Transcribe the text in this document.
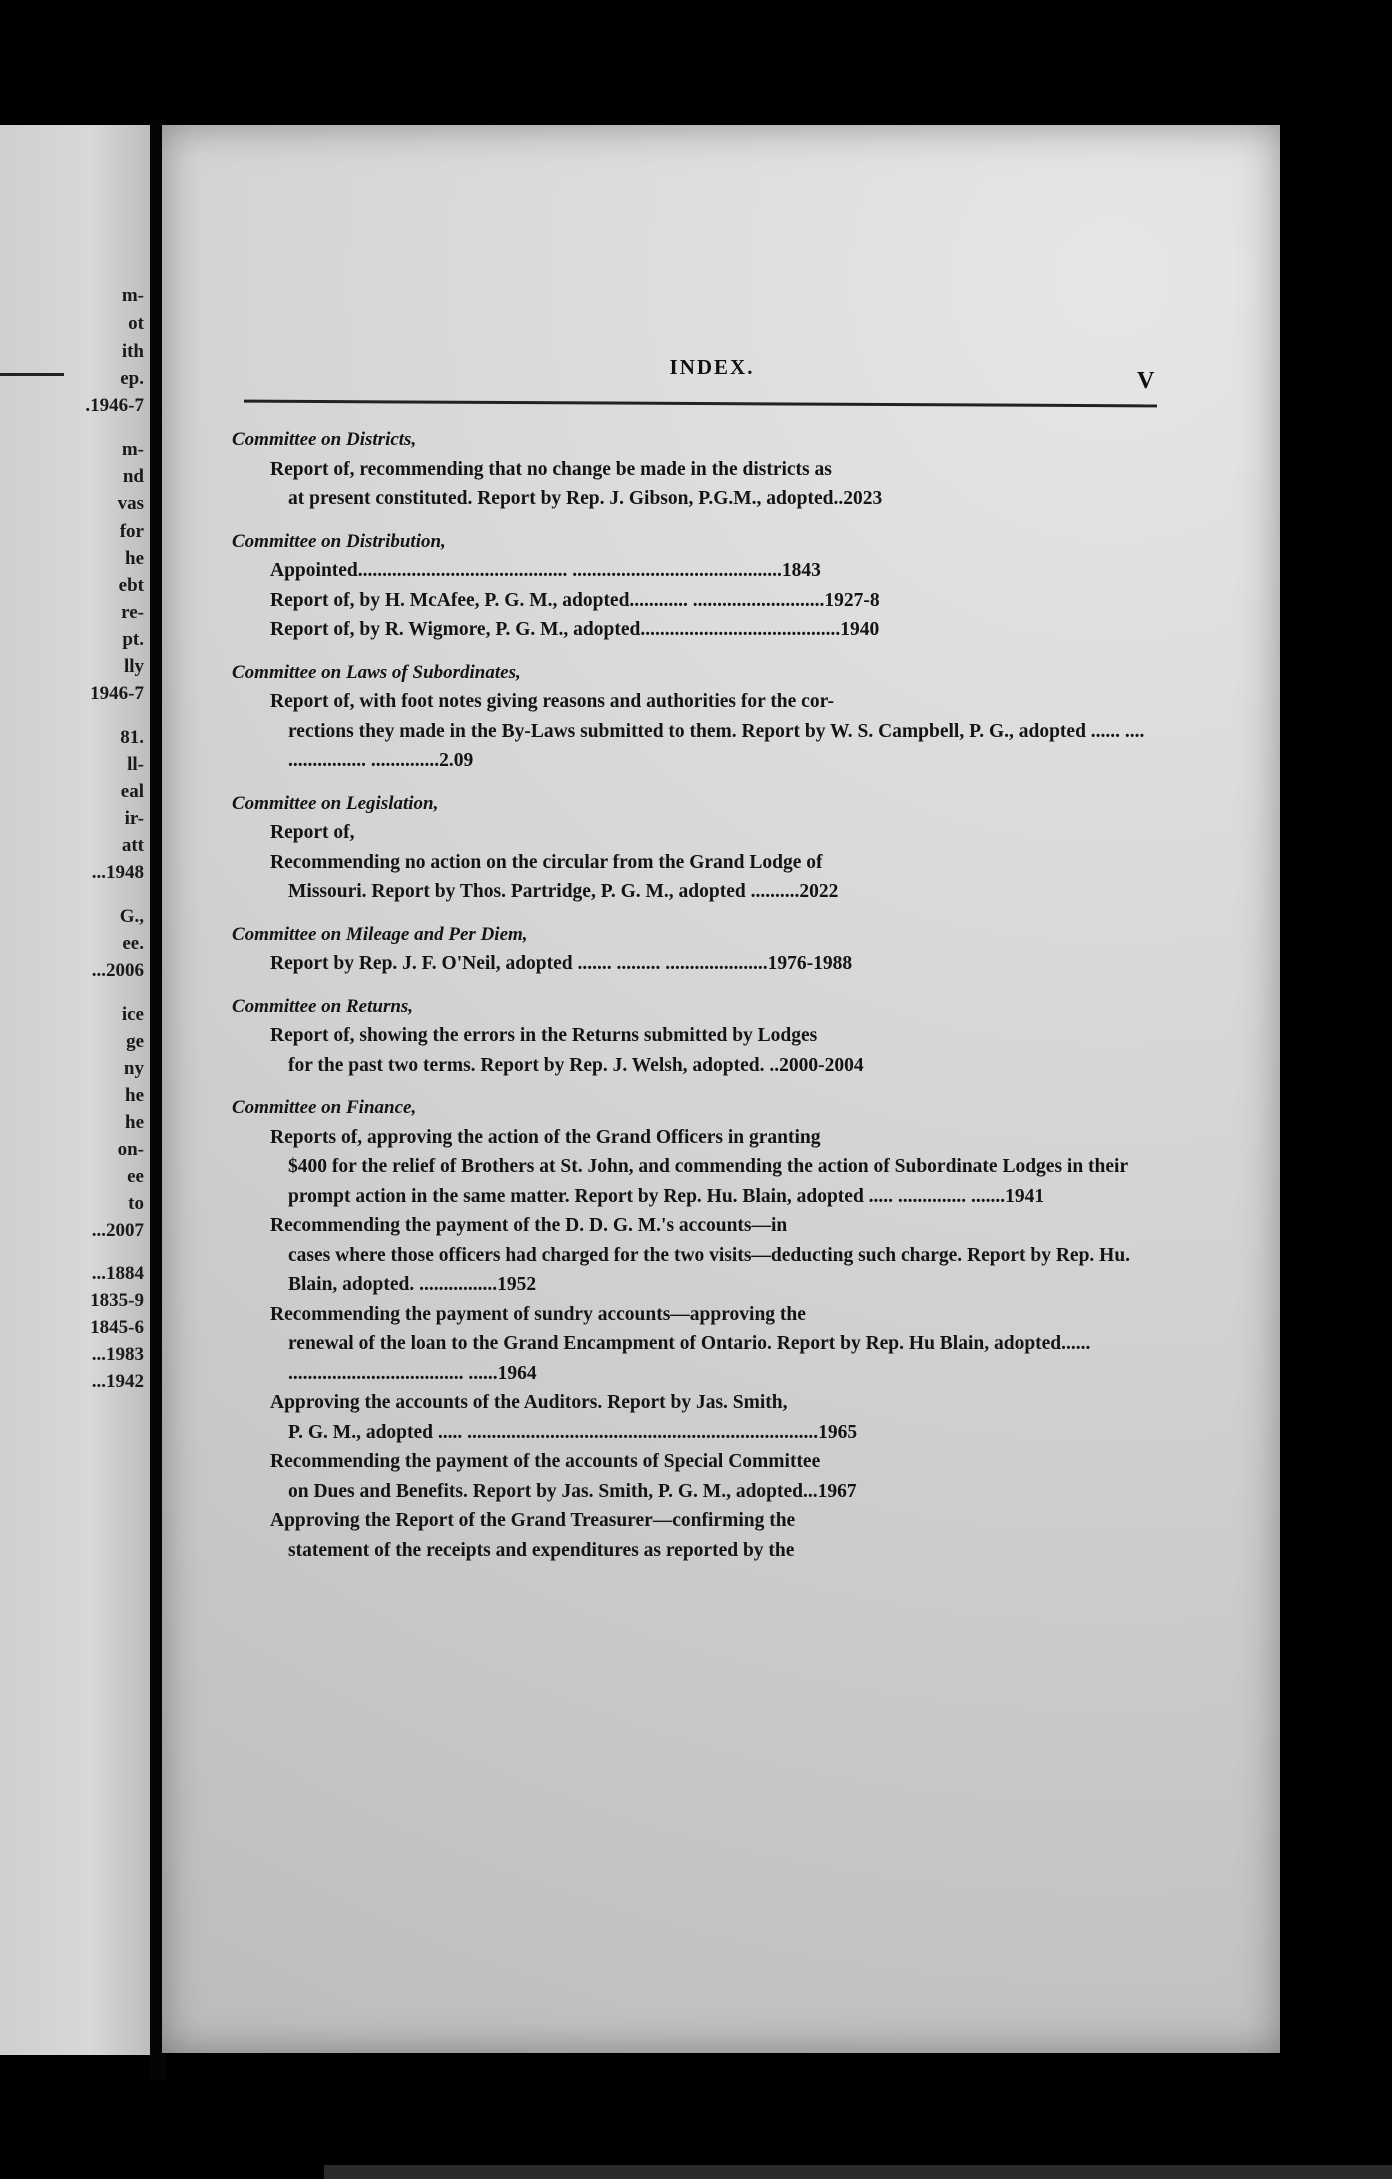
m-
ot
ith
ep.
.1946-7
m-
nd
vas
for
he
ebt
re-
pt.
lly
1946-7
81.
ll-
eal
ir-
att
...1948
G.,
ee.
...2006
ice
ge
ny
he
he
on-
ee
to
...2007
...1884
1835-9
1845-6
...1983
...1942
INDEX.
V
Committee on Districts,
Report of, recommending that no change be made in the districts as
at present constituted. Report by Rep. J. Gibson, P.G.M., adopted..2023
Committee on Distribution,
Appointed........................................... ...........................................1843
Report of, by H. McAfee, P. G. M., adopted............ ...........................1927-8
Report of, by R. Wigmore, P. G. M., adopted.........................................1940
Committee on Laws of Subordinates,
Report of, with foot notes giving reasons and authorities for the cor-
rections they made in the By-Laws submitted to them. Report by W. S. Campbell, P. G., adopted ...... .... ................ ..............2.09
Committee on Legislation,
Report of,
Recommending no action on the circular from the Grand Lodge of
Missouri. Report by Thos. Partridge, P. G. M., adopted ..........2022
Committee on Mileage and Per Diem,
Report by Rep. J. F. O'Neil, adopted ....... ......... .....................1976-1988
Committee on Returns,
Report of, showing the errors in the Returns submitted by Lodges
for the past two terms. Report by Rep. J. Welsh, adopted. ..2000-2004
Committee on Finance,
Reports of, approving the action of the Grand Officers in granting
$400 for the relief of Brothers at St. John, and commending the action of Subordinate Lodges in their prompt action in the same matter. Report by Rep. Hu. Blain, adopted ..... .............. .......1941
Recommending the payment of the D. D. G. M.'s accounts—in
cases where those officers had charged for the two visits—deducting such charge. Report by Rep. Hu. Blain, adopted. ................1952
Recommending the payment of sundry accounts—approving the
renewal of the loan to the Grand Encampment of Ontario. Report by Rep. Hu Blain, adopted...... .................................... ......1964
Approving the accounts of the Auditors. Report by Jas. Smith,
P. G. M., adopted ..... ........................................................................1965
Recommending the payment of the accounts of Special Committee
on Dues and Benefits. Report by Jas. Smith, P. G. M., adopted...1967
Approving the Report of the Grand Treasurer—confirming the
statement of the receipts and expenditures as reported by the
